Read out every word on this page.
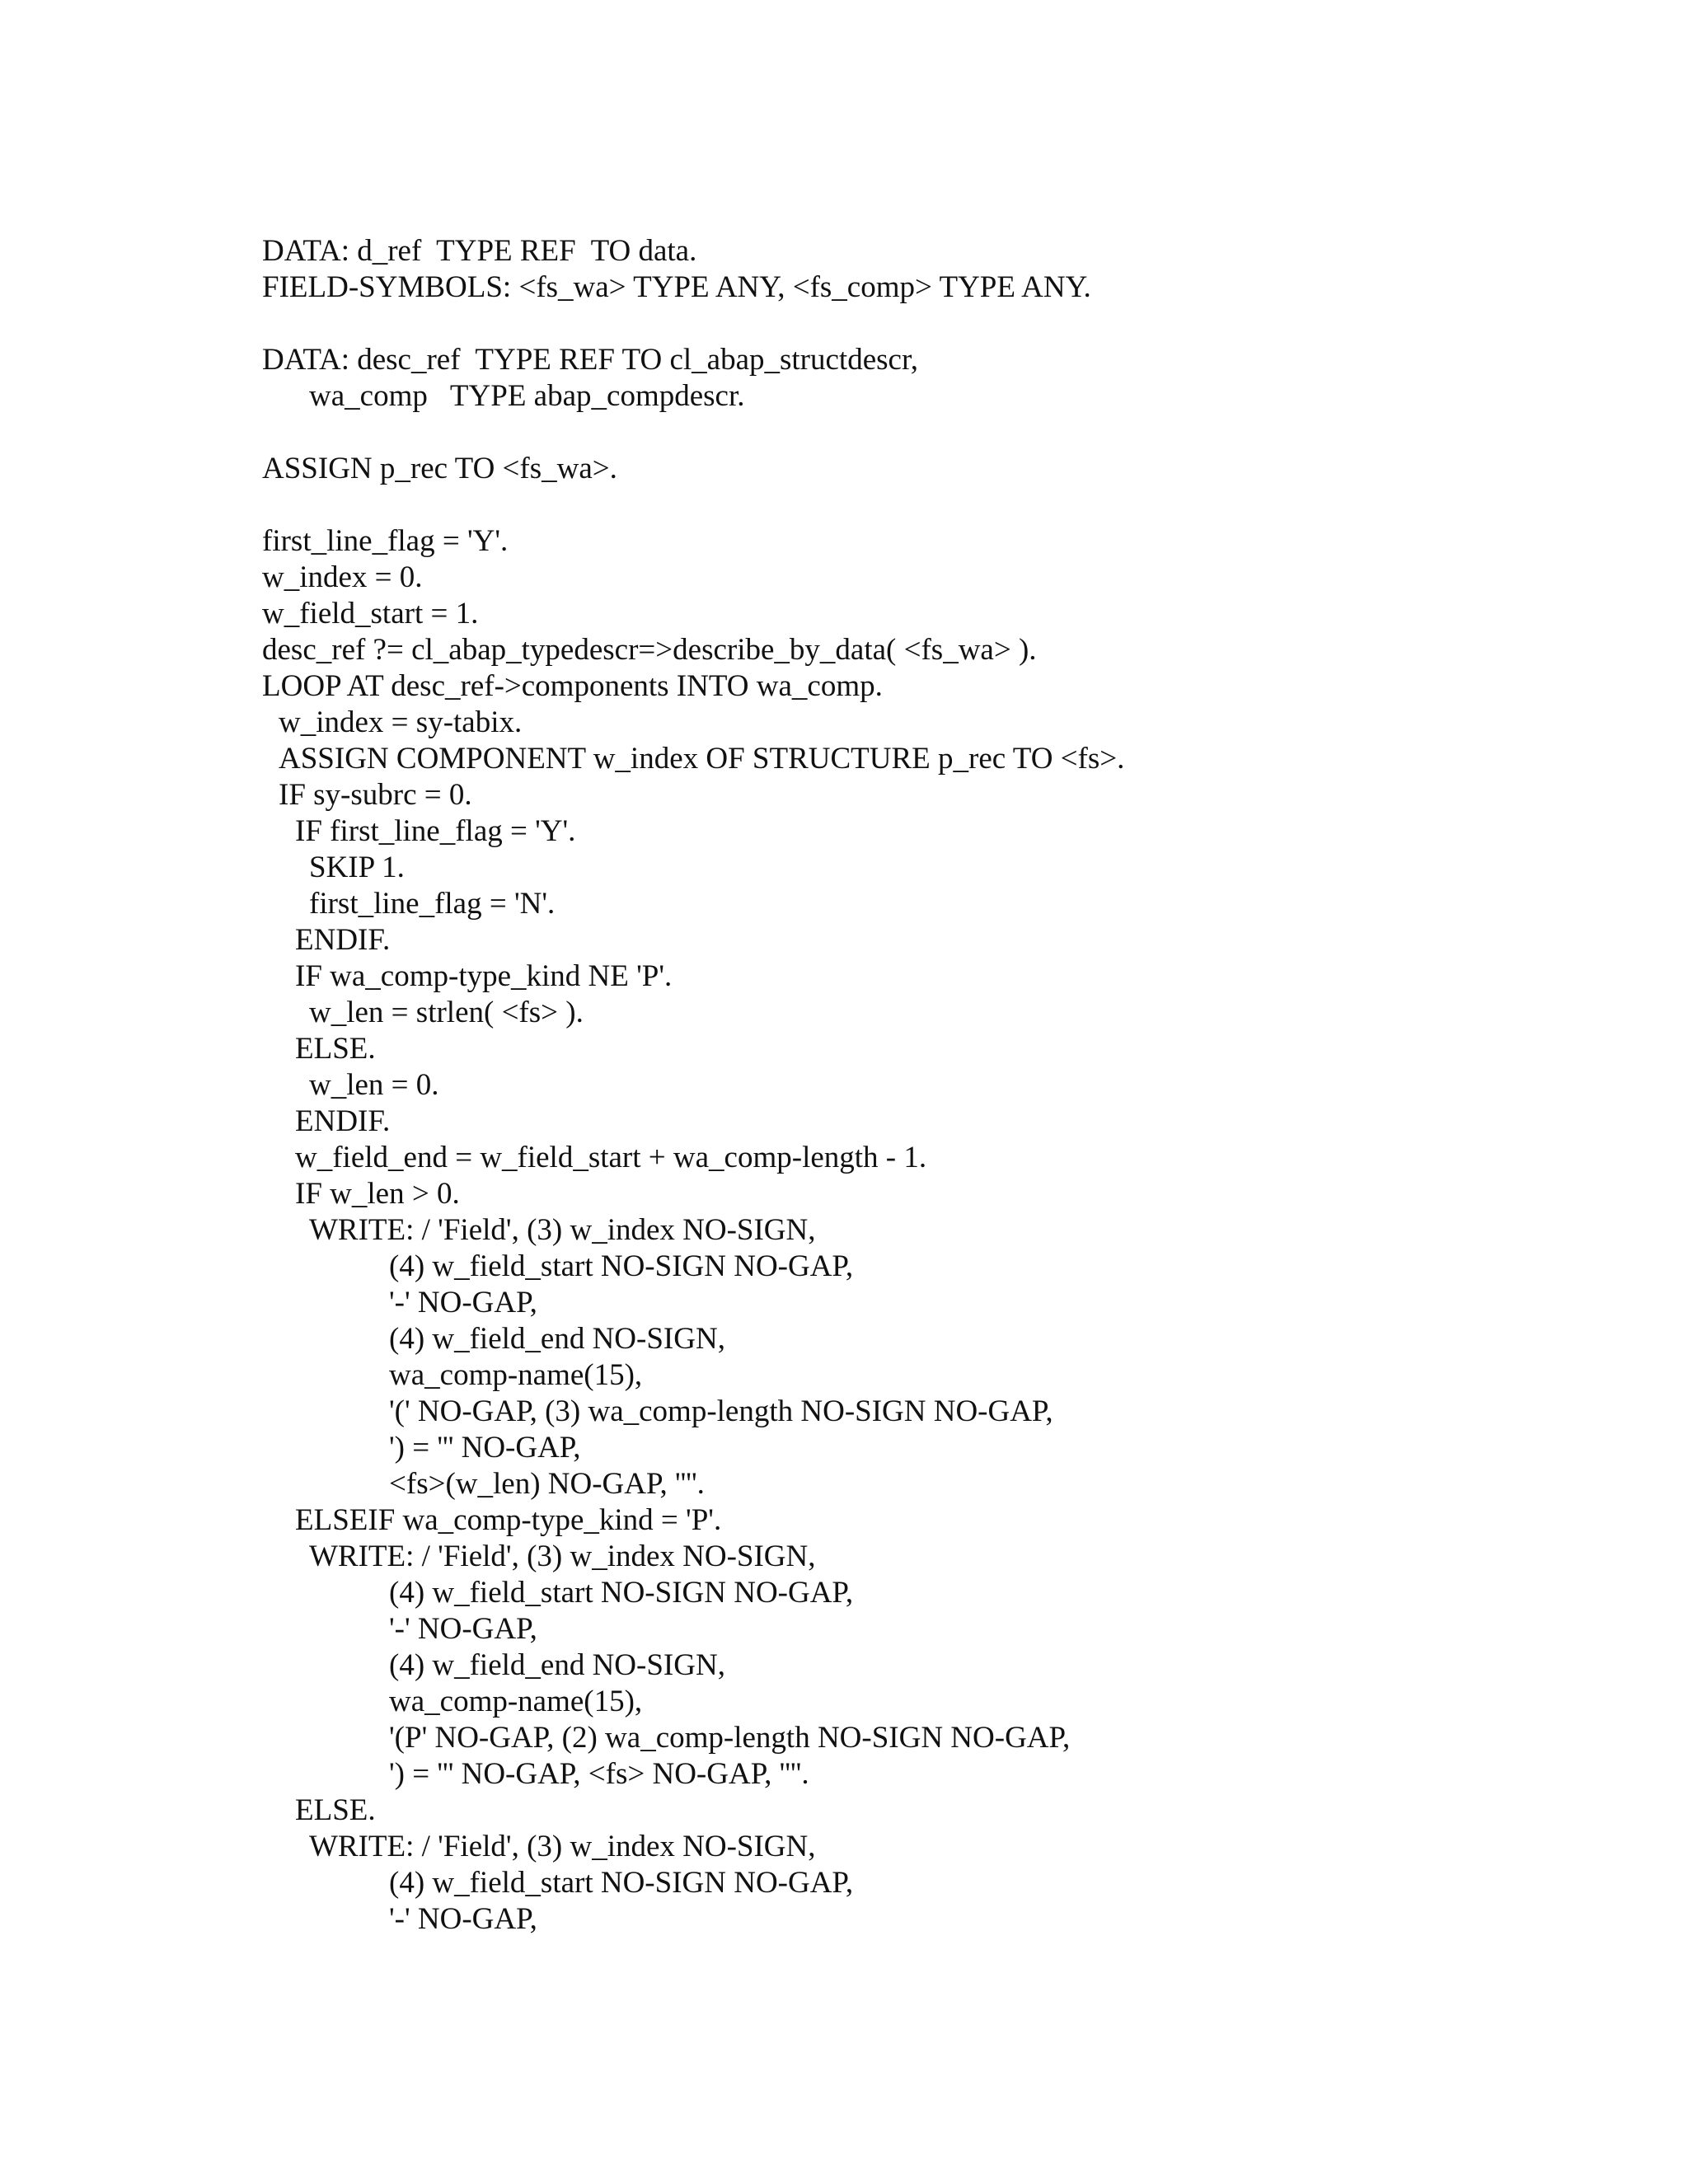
DATA: d_ref  TYPE REF  TO data.
FIELD-SYMBOLS: <fs_wa> TYPE ANY, <fs_comp> TYPE ANY.
DATA: desc_ref  TYPE REF TO cl_abap_structdescr,
wa_comp   TYPE abap_compdescr.
ASSIGN p_rec TO <fs_wa>.
first_line_flag = 'Y'.
w_index = 0.
w_field_start = 1.
desc_ref ?= cl_abap_typedescr=>describe_by_data( <fs_wa> ).
LOOP AT desc_ref->components INTO wa_comp.
w_index = sy-tabix.
ASSIGN COMPONENT w_index OF STRUCTURE p_rec TO <fs>.
IF sy-subrc = 0.
IF first_line_flag = 'Y'.
SKIP 1.
first_line_flag = 'N'.
ENDIF.
IF wa_comp-type_kind NE 'P'.
w_len = strlen( <fs> ).
ELSE.
w_len = 0.
ENDIF.
w_field_end = w_field_start + wa_comp-length - 1.
IF w_len > 0.
WRITE: / 'Field', (3) w_index NO-SIGN,
(4) w_field_start NO-SIGN NO-GAP,
'-' NO-GAP,
(4) w_field_end NO-SIGN,
wa_comp-name(15),
'(' NO-GAP, (3) wa_comp-length NO-SIGN NO-GAP,
') = ''' NO-GAP,
<fs>(w_len) NO-GAP, ''''.
ELSEIF wa_comp-type_kind = 'P'.
WRITE: / 'Field', (3) w_index NO-SIGN,
(4) w_field_start NO-SIGN NO-GAP,
'-' NO-GAP,
(4) w_field_end NO-SIGN,
wa_comp-name(15),
'(P' NO-GAP, (2) wa_comp-length NO-SIGN NO-GAP,
') = ''' NO-GAP, <fs> NO-GAP, ''''.
ELSE.
WRITE: / 'Field', (3) w_index NO-SIGN,
(4) w_field_start NO-SIGN NO-GAP,
'-' NO-GAP,
